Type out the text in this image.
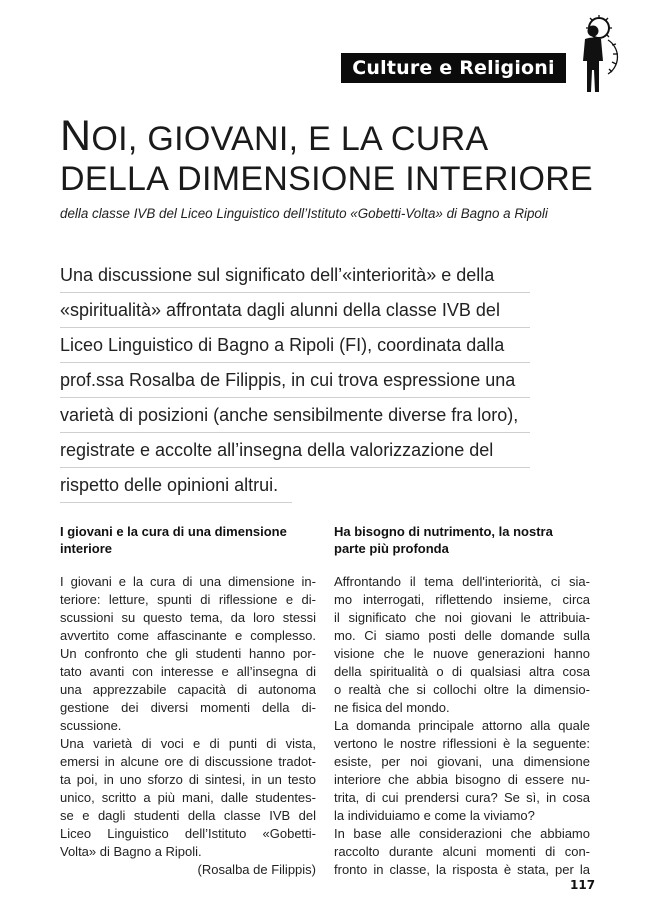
Culture e Religioni
NOI, GIOVANI, E LA CURA
DELLA DIMENSIONE INTERIORE

della classe IVB del Liceo Linguistico dell’Istituto «Gobetti-Volta» di Bagno a Ripoli

Una discussione sul significato dell’«interiorità» e della
«spiritualità» affrontata dagli alunni della classe IVB del
Liceo Linguistico di Bagno a Ripoli (FI), coordinata dalla
prof.ssa Rosalba de Filippis, in cui trova espressione una
varietà di posizioni (anche sensibilmente diverse fra loro),
registrate e accolte all’insegna della valorizzazione del
rispetto delle opinioni altrui.
I giovani e la cura di una dimensione
interiore
I giovani e la cura di una dimensione in-
teriore: letture, spunti di riflessione e di-
scussioni su questo tema, da loro stessi
avvertito come affascinante e complesso.
Un confronto che gli studenti hanno por-
tato avanti con interesse e all’insegna di
una apprezzabile capacità di autonoma
gestione dei diversi momenti della di-
scussione.
Una varietà di voci e di punti di vista,
emersi in alcune ore di discussione tradot-
ta poi, in uno sforzo di sintesi, in un testo
unico, scritto a più mani, dalle studentes-
se e dagli studenti della classe IVB del
Liceo Linguistico dell’Istituto «Gobetti-
Volta» di Bagno a Ripoli.
(Rosalba de Filippis)
Ha bisogno di nutrimento, la nostra
parte più profonda
Affrontando il tema dell'interiorità, ci sia-
mo interrogati, riflettendo insieme, circa
il significato che noi giovani le attribuia-
mo. Ci siamo posti delle domande sulla
visione che le nuove generazioni hanno
della spiritualità o di qualsiasi altra cosa
o realtà che si collochi oltre la dimensio-
ne fisica del mondo.
La domanda principale attorno alla quale
vertono le nostre riflessioni è la seguente:
esiste, per noi giovani, una dimensione
interiore che abbia bisogno di essere nu-
trita, di cui prendersi cura? Se sì, in cosa
la individuiamo e come la viviamo?
In base alle considerazioni che abbiamo
raccolto durante alcuni momenti di con-
fronto in classe, la risposta è stata, per la
117
